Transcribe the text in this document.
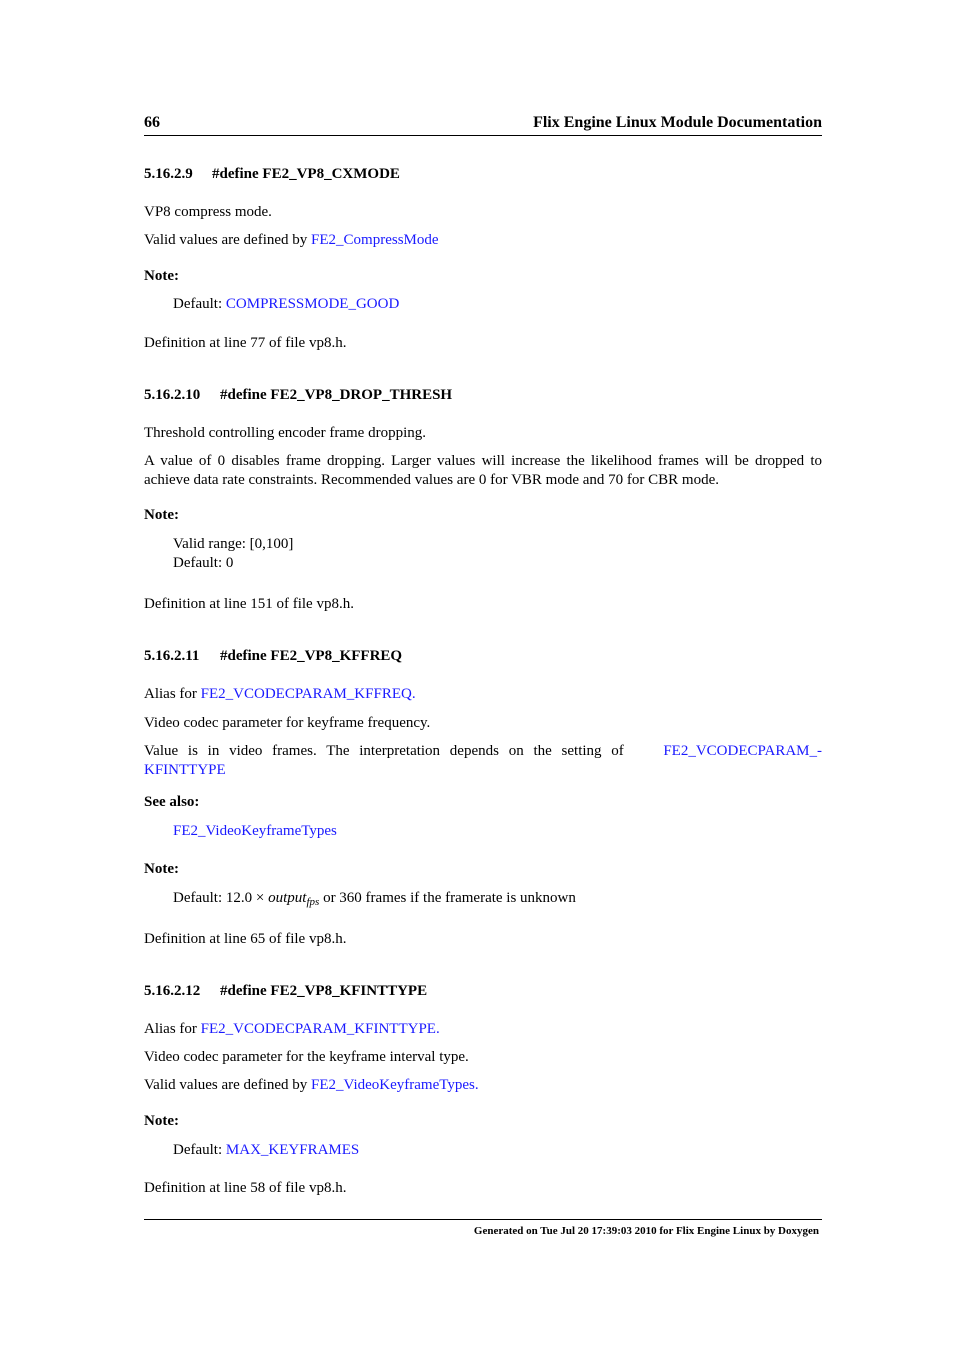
66	Flix Engine Linux Module Documentation
5.16.2.9 #define FE2_VP8_CXMODE
VP8 compress mode.
Valid values are defined by FE2_CompressMode
Note:
Default: COMPRESSMODE_GOOD
Definition at line 77 of file vp8.h.
5.16.2.10 #define FE2_VP8_DROP_THRESH
Threshold controlling encoder frame dropping.
A value of 0 disables frame dropping. Larger values will increase the likelihood frames will be dropped to
achieve data rate constraints. Recommended values are 0 for VBR mode and 70 for CBR mode.
Note:
Valid range: [0,100]
Default: 0
Definition at line 151 of file vp8.h.
5.16.2.11 #define FE2_VP8_KFFREQ
Alias for FE2_VCODECPARAM_KFFREQ.
Video codec parameter for keyframe frequency.
Value is in video frames. The interpretation depends on the setting of	FE2_VCODECPARAM_-
KFINTTYPE
See also:
FE2_VideoKeyframeTypes
Note:
Default: 12.0 × output$_{fps}$ or 360 frames if the framerate is unknown
Definition at line 65 of file vp8.h.
5.16.2.12 #define FE2_VP8_KFINTTYPE
Alias for FE2_VCODECPARAM_KFINTTYPE.
Video codec parameter for the keyframe interval type.
Valid values are defined by FE2_VideoKeyframeTypes.
Note:
Default: MAX_KEYFRAMES
Definition at line 58 of file vp8.h.
Generated on Tue Jul 20 17:39:03 2010 for Flix Engine Linux by Doxygen
